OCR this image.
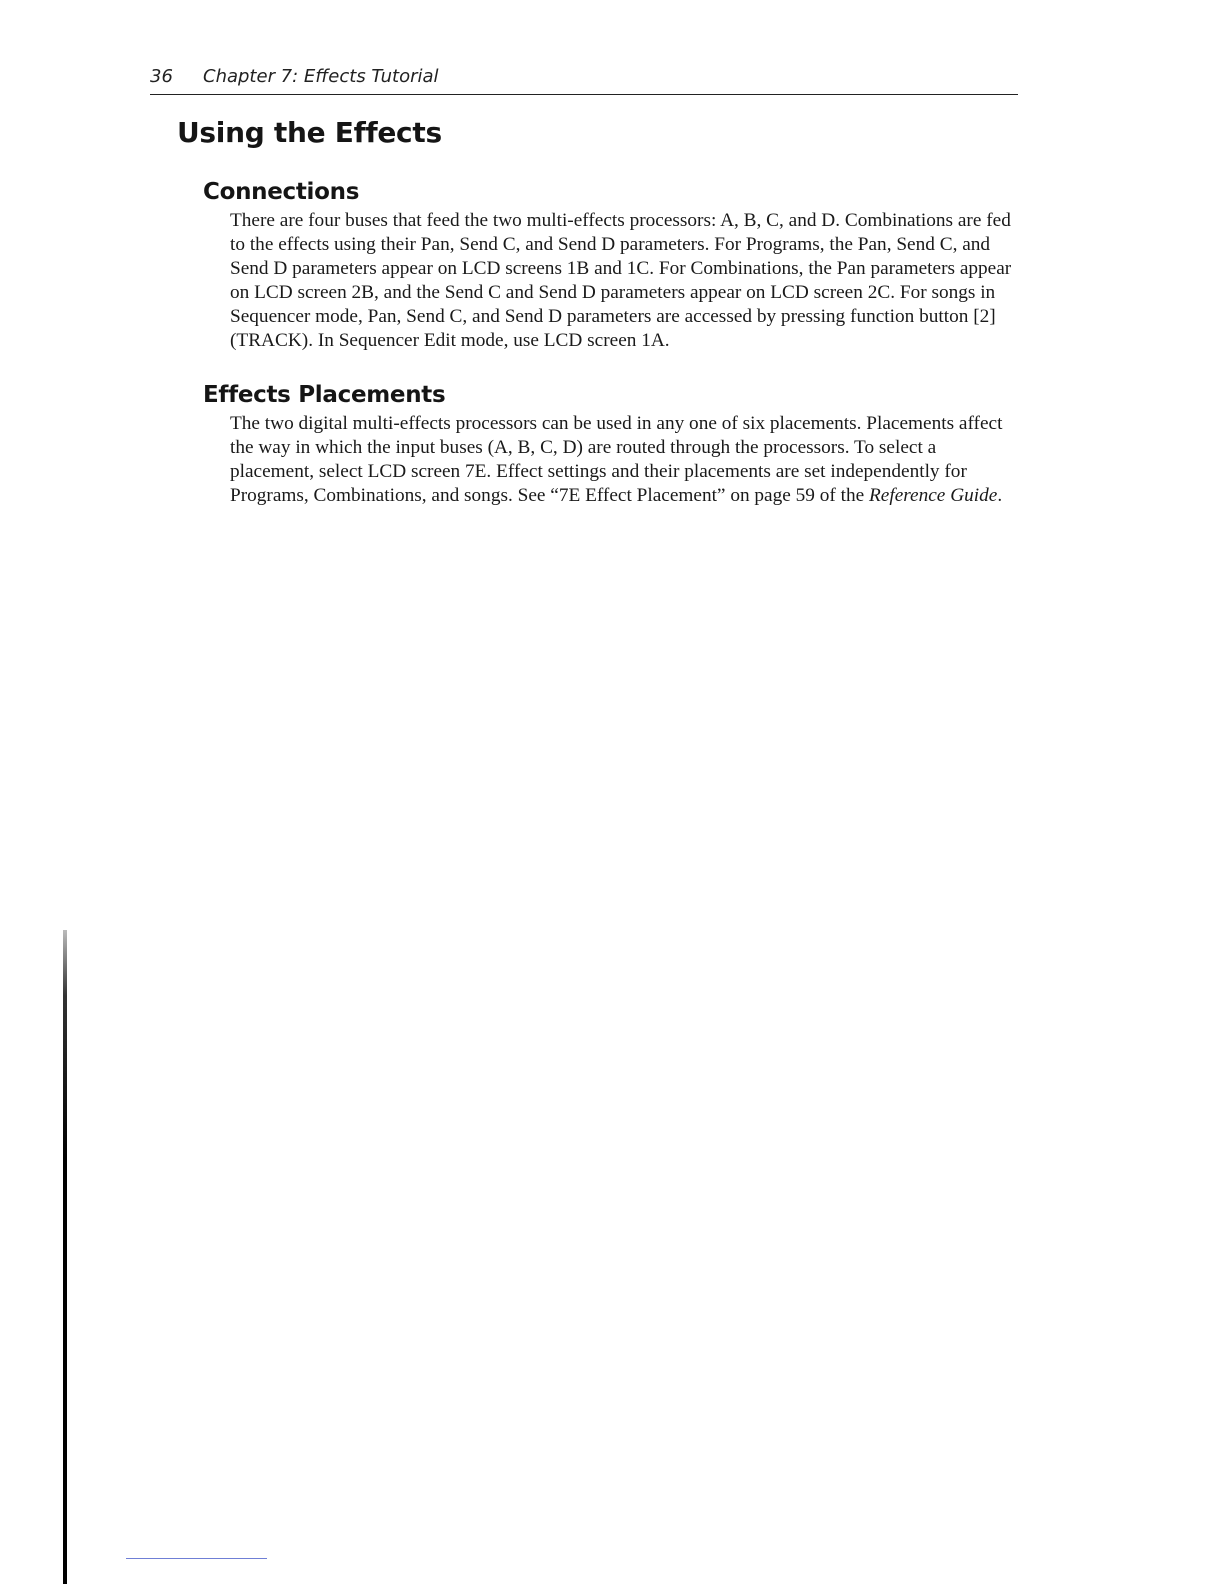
36 Chapter 7: Effects Tutorial
Using the Effects
Connections

There are four buses that feed the two multi-effects processors: A, B, C, and D. Combinations are fed to the effects using their Pan, Send C, and Send D parameters. For Programs, the Pan, Send C, and Send D parameters appear on LCD screens 1B and 1C. For Combinations, the Pan parameters appear on LCD screen 2B, and the Send C and Send D parameters appear on LCD screen 2C. For songs in Sequencer mode, Pan, Send C, and Send D parameters are accessed by pressing function button [2] (TRACK). In Sequencer Edit mode, use LCD screen 1A.

Effects Placements

The two digital multi-effects processors can be used in any one of six placements. Placements affect the way in which the input buses (A, B, C, D) are routed through the processors. To select a placement, select LCD screen 7E. Effect settings and their placements are set independently for Programs, Combinations, and songs. See “7E Effect Placement” on page 59 of the Reference Guide.
